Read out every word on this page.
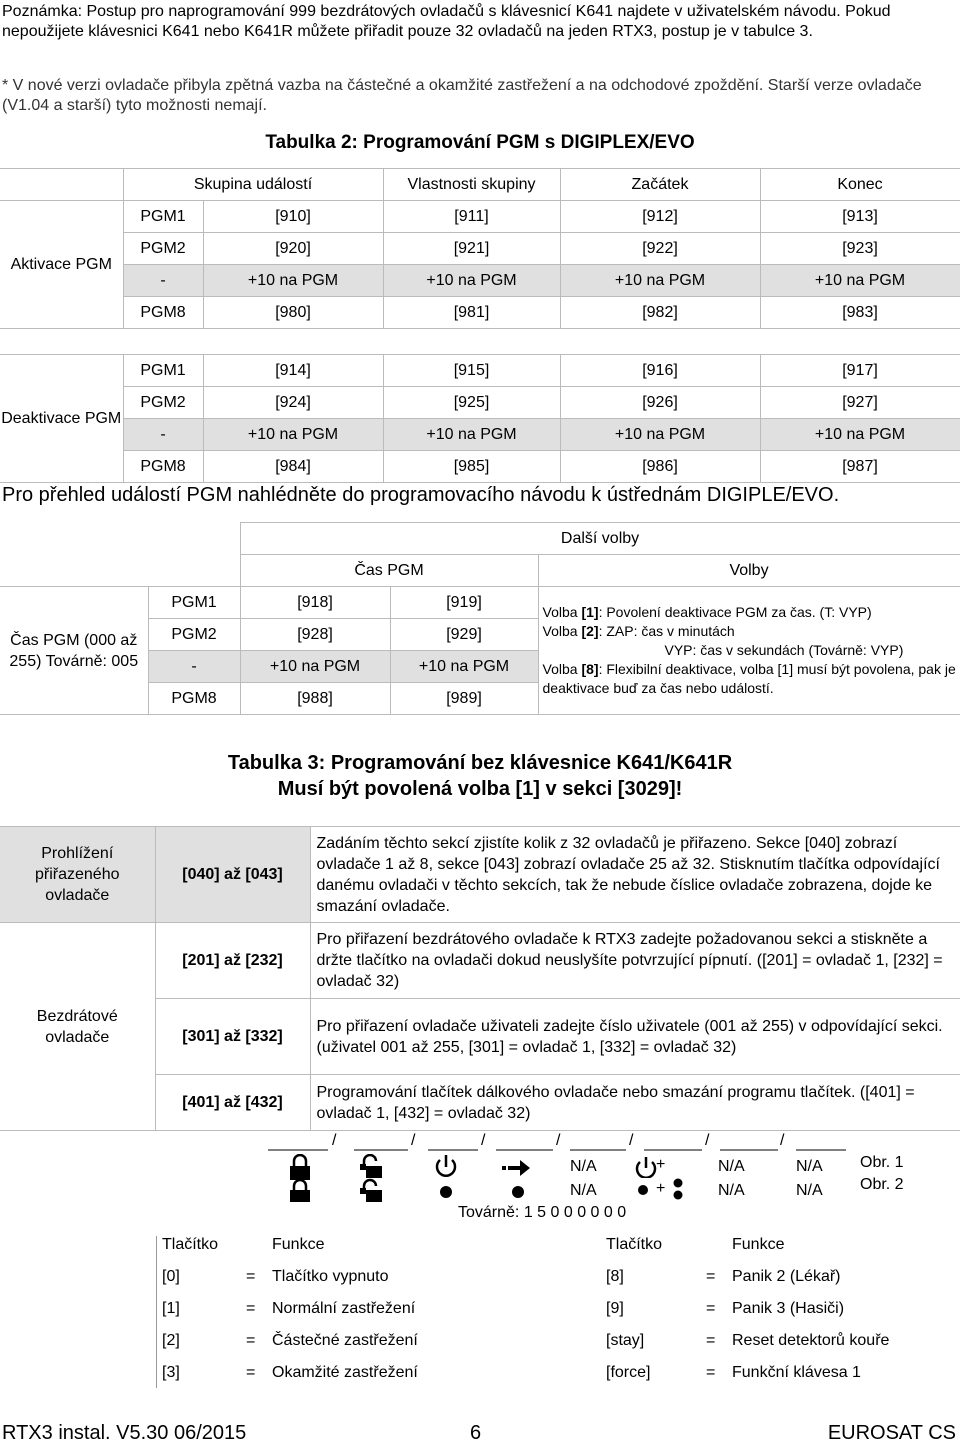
Poznámka: Postup pro naprogramování 999 bezdrátových ovladačů s klávesnicí K641 najdete v uživatelském návodu. Pokud nepoužijete klávesnici K641 nebo K641R můžete přiřadit pouze 32 ovladačů na jeden RTX3, postup je v tabulce 3.
* V nové verzi ovladače přibyla zpětná vazba na částečné a okamžité zastřežení a na odchodové zpoždění. Starší verze ovladače (V1.04 a starší) tyto možnosti nemají.
Tabulka 2: Programování PGM s DIGIPLEX/EVO
	Skupina událostí		Vlastnosti skupiny	Začátek	Konec
Aktivace PGM	PGM1	[910]	[911]	[912]	[913]
	PGM2	[920]	[921]	[922]	[923]
	-	+10 na PGM	+10 na PGM	+10 na PGM	+10 na PGM
	PGM8	[980]	[981]	[982]	[983]
Deaktivace PGM	PGM1	[914]	[915]	[916]	[917]
	PGM2	[924]	[925]	[926]	[927]
	-	+10 na PGM	+10 na PGM	+10 na PGM	+10 na PGM
	PGM8	[984]	[985]	[986]	[987]
Pro přehled událostí PGM nahlédněte do programovacího návodu k ústřednám DIGIPLE/EVO.
		Další volby		
		Čas PGM		Volby
Čas PGM (000 až 255) Továrně: 005	PGM1	[918]	[919]	Volba [1]: Povolení deaktivace PGM za čas. (T: VYP)
Volba [2]: ZAP: čas v minutách
VYP: čas v sekundách (Továrně: VYP)
Volba [8]: Flexibilní deaktivace, volba [1] musí být povolena, pak je deaktivace buď za čas nebo událostí.

	PGM2	[928]	[929]	
	-	+10 na PGM	+10 na PGM	
	PGM8	[988]	[989]	
Tabulka 3: Programování bez klávesnice K641/K641R
Musí být povolená volba [1] v sekci [3029]!
Prohlížení přiřazeného ovladače	[040] až [043]	Zadáním těchto sekcí zjistíte kolik z 32 ovladačů je přiřazeno. Sekce [040] zobrazí ovladače 1 až 8, sekce [043] zobrazí ovladače 25 až 32. Stisknutím tlačítka odpovídající danému ovladači v těchto sekcích, tak že nebude číslice ovladače zobrazena, dojde ke smazání ovladače.
Bezdrátové ovladače	[201] až [232]	Pro přiřazení bezdrátového ovladače k RTX3 zadejte požadovanou sekci a stiskněte a držte tlačítko na ovladači dokud neuslyšíte potvrzující pípnutí. ([201] = ovladač 1, [232] = ovladač 32)
	[301] až [332]	Pro přiřazení ovladače uživateli zadejte číslo uživatele (001 až 255) v odpovídající sekci. (uživatel 001 až 255, [301] = ovladač 1, [332] = ovladač 32)
	[401] až [432]	Programování tlačítek dálkového ovladače nebo smazání programu tlačítek. ([401] = ovladač 1, [432] = ovladač 32)
/	/	/	/	/	/	/
N/A	+	N/A	N/A Obr. 1
N/A	+	N/A	N/A Obr. 2
Továrně: 1 5 0 0 0 0 0 0
Tlačítko	Funkce	Tlačítko	Funkce
[0]	= Tlačítko vypnuto	[8]	= Panik 2 (Lékař)
[1]	= Normální zastřežení	[9]	= Panik 3 (Hasiči)
[2]	= Částečné zastřežení	[stay]	= Reset detektorů kouře
[3]	= Okamžité zastřežení	[force]	= Funkční klávesa 1
RTX3 instal. V5.30 06/2015	6	EUROSAT CS
